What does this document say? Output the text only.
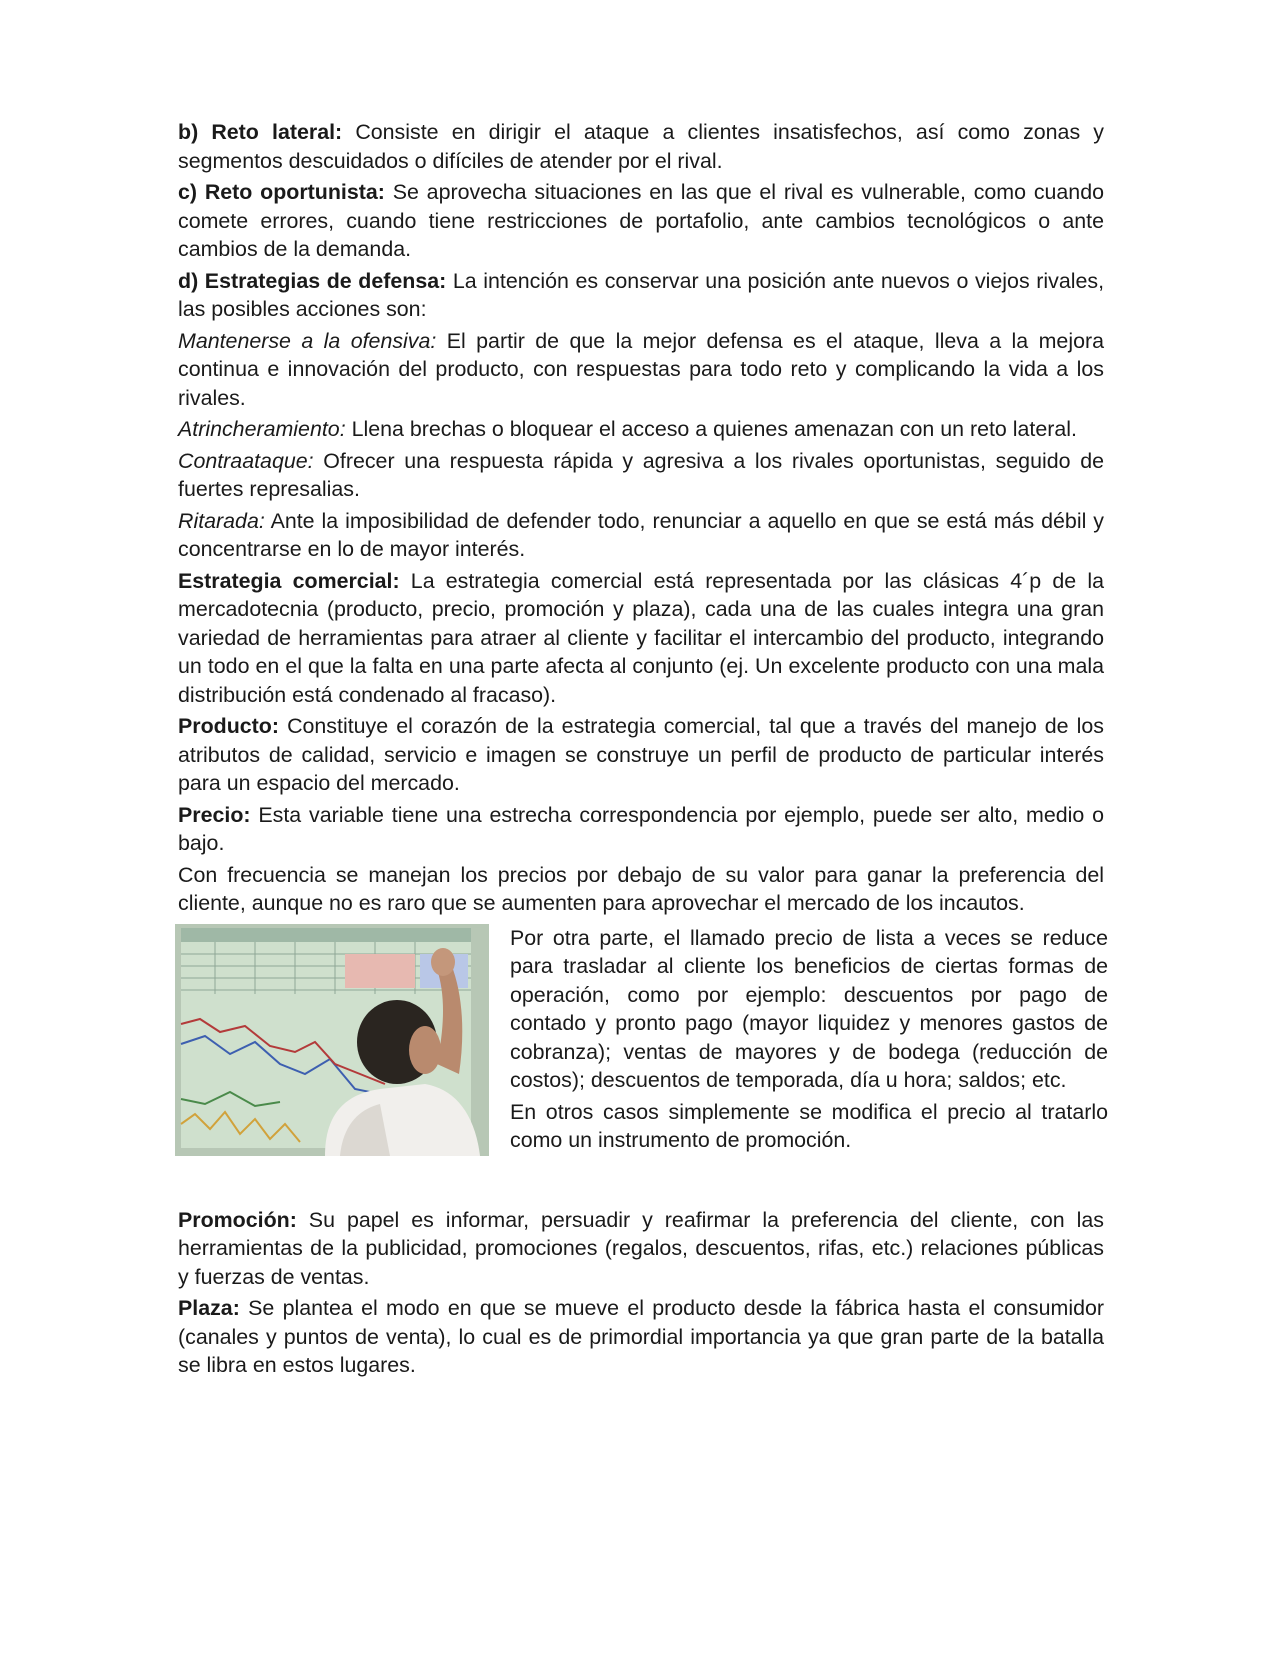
b) Reto lateral: Consiste en dirigir el ataque a clientes insatisfechos, así como zonas y segmentos descuidados o difíciles de atender por el rival.

c) Reto oportunista: Se aprovecha situaciones en las que el rival es vulnerable, como cuando comete errores, cuando tiene restricciones de portafolio, ante cambios tecnológicos o ante cambios de la demanda.

d) Estrategias de defensa: La intención es conservar una posición ante nuevos o viejos rivales, las posibles acciones son:

Mantenerse a la ofensiva: El partir de que la mejor defensa es el ataque, lleva a la mejora continua e innovación del producto, con respuestas para todo reto y complicando la vida a los rivales.

Atrincheramiento: Llena brechas o bloquear el acceso a quienes amenazan con un reto lateral.

Contraataque: Ofrecer una respuesta rápida y agresiva a los rivales oportunistas, seguido de fuertes represalias.

Ritarada: Ante la imposibilidad de defender todo, renunciar a aquello en que se está más débil y concentrarse en lo de mayor interés.

Estrategia comercial: La estrategia comercial está representada por las clásicas 4´p de la mercadotecnia (producto, precio, promoción y plaza), cada una de las cuales integra una gran variedad de herramientas para atraer al cliente y facilitar el intercambio del producto, integrando un todo en el que la falta en una parte afecta al conjunto (ej. Un excelente producto con una mala distribución está condenado al fracaso).

Producto: Constituye el corazón de la estrategia comercial, tal que a través del manejo de los atributos de calidad, servicio e imagen se construye un perfil de producto de particular interés para un espacio del mercado.

Precio: Esta variable tiene una estrecha correspondencia por ejemplo, puede ser alto, medio o bajo.

Con frecuencia se manejan los precios por debajo de su valor para ganar la preferencia del cliente, aunque no es raro que se aumenten para aprovechar el mercado de los incautos.

Por otra parte, el llamado precio de lista a veces se reduce para trasladar al cliente los beneficios de ciertas formas de operación, como por ejemplo: descuentos por pago de contado y pronto pago (mayor liquidez y menores gastos de cobranza); ventas de mayores y de bodega (reducción de costos); descuentos de temporada, día u hora; saldos; etc.

En otros casos simplemente se modifica el precio al tratarlo como un instrumento de promoción.

Promoción: Su papel es informar, persuadir y reafirmar la preferencia del cliente, con las herramientas de la publicidad, promociones (regalos, descuentos, rifas, etc.) relaciones públicas y fuerzas de ventas.

Plaza: Se plantea el modo en que se mueve el producto desde la fábrica hasta el consumidor (canales y puntos de venta), lo cual es de primordial importancia ya que gran parte de la batalla se libra en estos lugares.
